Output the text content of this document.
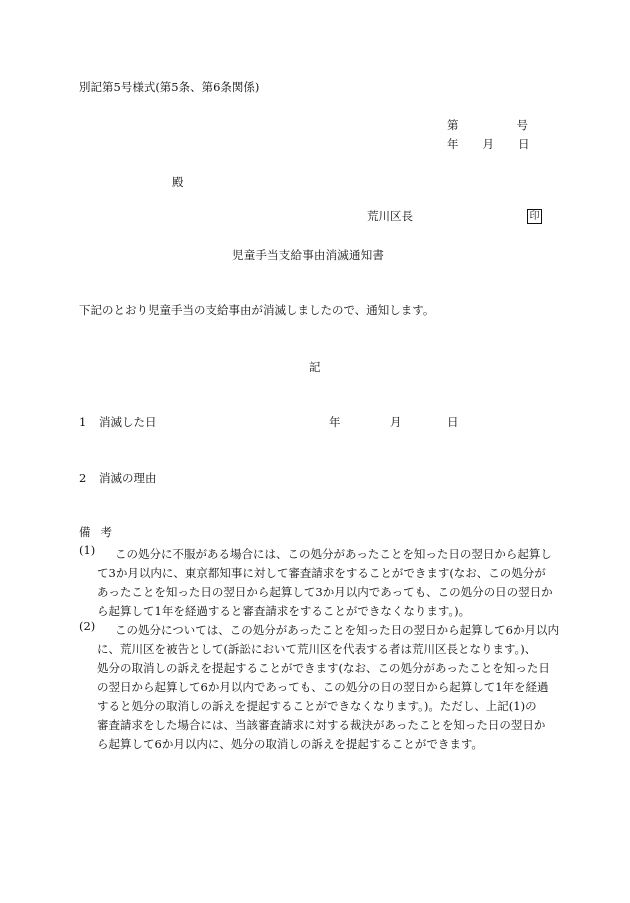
別記第5号様式(第5条、第6条関係)
第	号
年 月 日
殿
荒川区長	印
児童手当支給事由消滅通知書
下記のとおり児童手当の支給事由が消滅しましたので、通知します。
記
1 消滅した日	年	月	日
2 消滅の理由
備考
(1)	この処分に不服がある場合には、この処分があったことを知った日の翌日から起算し
て3か月以内に、東京都知事に対して審査請求をすることができます(なお、この処分が
あったことを知った日の翌日から起算して3か月以内であっても、この処分の日の翌日か
ら起算して1年を経過すると審査請求をすることができなくなります。)。
(2)	この処分については、この処分があったことを知った日の翌日から起算して6か月以内
に、荒川区を被告として(訴訟において荒川区を代表する者は荒川区長となります。)、
処分の取消しの訴えを提起することができます(なお、この処分があったことを知った日
の翌日から起算して6か月以内であっても、この処分の日の翌日から起算して1年を経過
すると処分の取消しの訴えを提起することができなくなります。)。ただし、上記(1)の
審査請求をした場合には、当該審査請求に対する裁決があったことを知った日の翌日か
ら起算して6か月以内に、処分の取消しの訴えを提起することができます。
